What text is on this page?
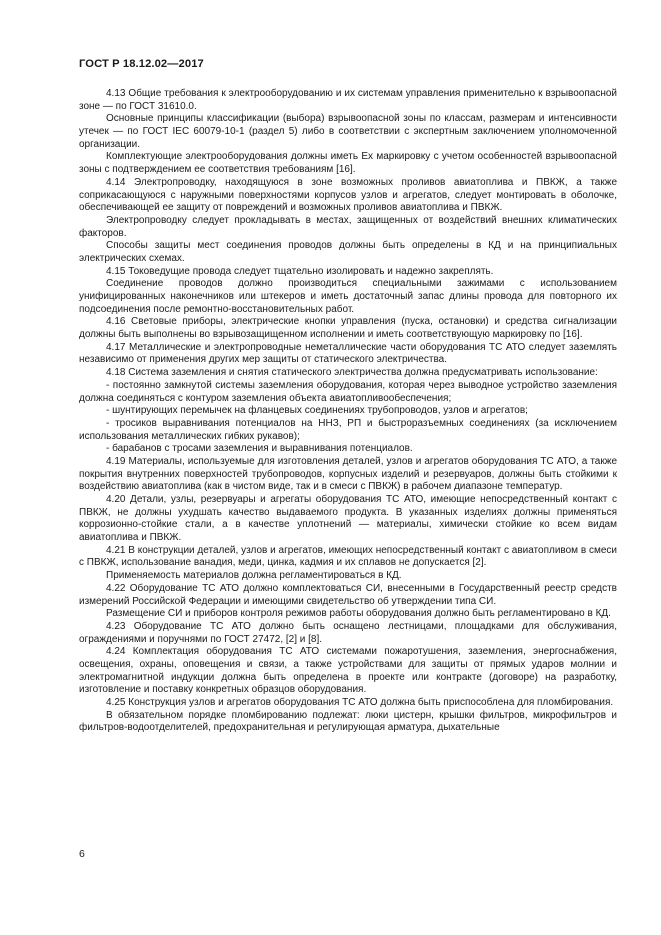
ГОСТ Р 18.12.02—2017

4.13 Общие требования к электрооборудованию и их системам управления применительно к взрывоопасной зоне — по ГОСТ 31610.0.

Основные принципы классификации (выбора) взрывоопасной зоны по классам, размерам и интенсивности утечек — по ГОСТ IEC 60079-10-1 (раздел 5) либо в соответствии с экспертным заключением уполномоченной организации.

Комплектующие электрооборудования должны иметь Ex маркировку с учетом особенностей взрывоопасной зоны с подтверждением ее соответствия требованиям [16].

4.14 Электропроводку, находящуюся в зоне возможных проливов авиатоплива и ПВКЖ, а также соприкасающуюся с наружными поверхностями корпусов узлов и агрегатов, следует монтировать в оболочке, обеспечивающей ее защиту от повреждений и возможных проливов авиатоплива и ПВКЖ.

Электропроводку следует прокладывать в местах, защищенных от воздействий внешних климатических факторов.

Способы защиты мест соединения проводов должны быть определены в КД и на принципиальных электрических схемах.

4.15 Токоведущие провода следует тщательно изолировать и надежно закреплять.

Соединение проводов должно производиться специальными зажимами с использованием унифицированных наконечников или штекеров и иметь достаточный запас длины провода для повторного их подсоединения после ремонтно-восстановительных работ.

4.16 Световые приборы, электрические кнопки управления (пуска, остановки) и средства сигнализации должны быть выполнены во взрывозащищенном исполнении и иметь соответствующую маркировку по [16].

4.17 Металлические и электропроводные неметаллические части оборудования ТС АТО следует заземлять независимо от применения других мер защиты от статического электричества.

4.18 Система заземления и снятия статического электричества должна предусматривать использование:

- постоянно замкнутой системы заземления оборудования, которая через выводное устройство заземления должна соединяться с контуром заземления объекта авиатопливообеспечения;

- шунтирующих перемычек на фланцевых соединениях трубопроводов, узлов и агрегатов;

- тросиков выравнивания потенциалов на ННЗ, РП и быстроразъемных соединениях (за исключением использования металлических гибких рукавов);

- барабанов с тросами заземления и выравнивания потенциалов.

4.19 Материалы, используемые для изготовления деталей, узлов и агрегатов оборудования ТС АТО, а также покрытия внутренних поверхностей трубопроводов, корпусных изделий и резервуаров, должны быть стойкими к воздействию авиатоплива (как в чистом виде, так и в смеси с ПВКЖ) в рабочем диапазоне температур.

4.20 Детали, узлы, резервуары и агрегаты оборудования ТС АТО, имеющие непосредственный контакт с ПВКЖ, не должны ухудшать качество выдаваемого продукта. В указанных изделиях должны применяться коррозионно-стойкие стали, а в качестве уплотнений — материалы, химически стойкие ко всем видам авиатоплива и ПВКЖ.

4.21 В конструкции деталей, узлов и агрегатов, имеющих непосредственный контакт с авиатопливом в смеси с ПВКЖ, использование ванадия, меди, цинка, кадмия и их сплавов не допускается [2].

Применяемость материалов должна регламентироваться в КД.

4.22 Оборудование ТС АТО должно комплектоваться СИ, внесенными в Государственный реестр средств измерений Российской Федерации и имеющими свидетельство об утверждении типа СИ.

Размещение СИ и приборов контроля режимов работы оборудования должно быть регламентировано в КД.

4.23 Оборудование ТС АТО должно быть оснащено лестницами, площадками для обслуживания, ограждениями и поручнями по ГОСТ 27472, [2] и [8].

4.24 Комплектация оборудования ТС АТО системами пожаротушения, заземления, энергоснабжения, освещения, охраны, оповещения и связи, а также устройствами для защиты от прямых ударов молнии и электромагнитной индукции должна быть определена в проекте или контракте (договоре) на разработку, изготовление и поставку конкретных образцов оборудования.

4.25 Конструкция узлов и агрегатов оборудования ТС АТО должна быть приспособлена для пломбирования.

В обязательном порядке пломбированию подлежат: люки цистерн, крышки фильтров, микрофильтров и фильтров-водоотделителей, предохранительная и регулирующая арматура, дыхательные

6
